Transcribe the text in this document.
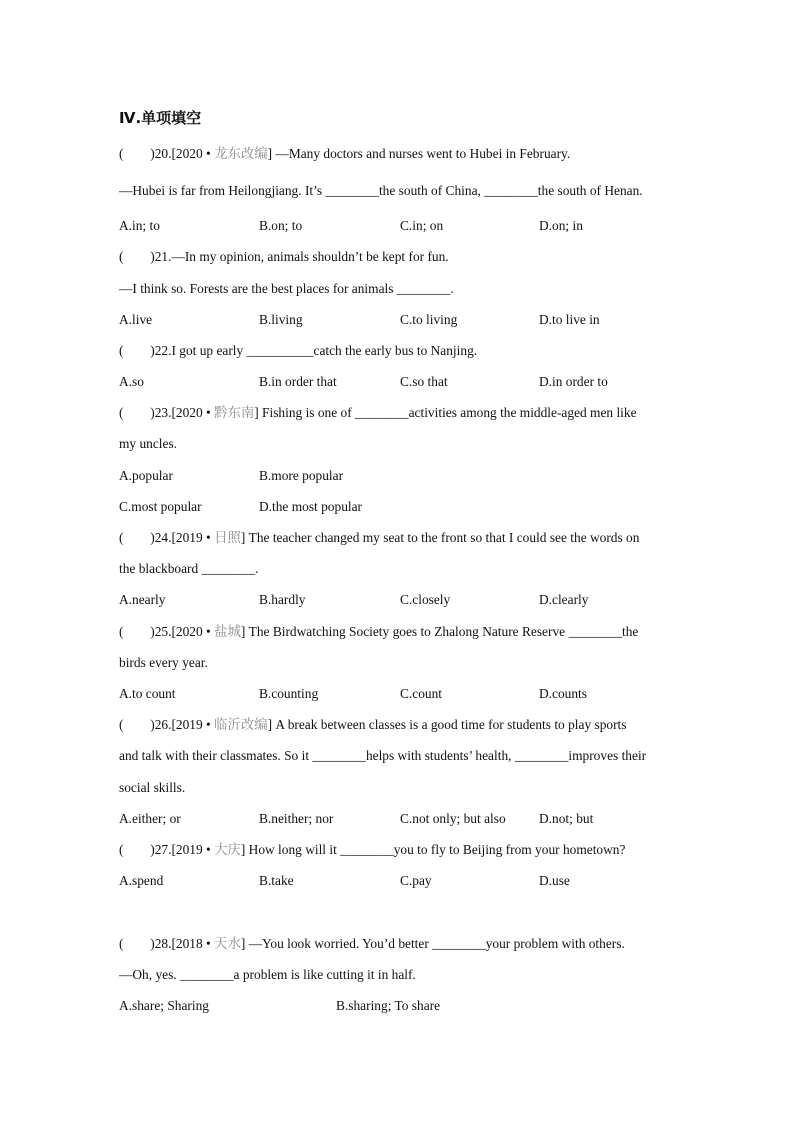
Ⅳ.单项填空
(　　)20.[2020 • 龙东改编] —Many doctors and nurses went to Hubei in February.
—Hubei is far from Heilongjiang. It’s ________the south of China, ________the south of Henan.
A.in; to	B.on; to	C.in; on	D.on; in
(　　)21.—In my opinion, animals shouldn’t be kept for fun.
—I think so. Forests are the best places for animals ________.
A.live	B.living	C.to living	D.to live in
(　　)22.I got up early __________catch the early bus to Nanjing.
A.so	B.in order that	C.so that	D.in order to
(　　)23.[2020 • 黔东南] Fishing is one of ________activities among the middle-aged men like
my uncles.
A.popular	B.more popular
C.most popular	D.the most popular
(　　)24.[2019 • 日照] The teacher changed my seat to the front so that I could see the words on
the blackboard ________.
A.nearly	B.hardly	C.closely	D.clearly
(　　)25.[2020 • 盐城] The Birdwatching Society goes to Zhalong Nature Reserve ________the
birds every year.
A.to count	B.counting	C.count	D.counts
(　　)26.[2019 • 临沂改编] A break between classes is a good time for students to play sports
and talk with their classmates. So it ________helps with students’ health, ________improves their
social skills.
A.either; or	B.neither; nor	C.not only; but also D.not; but
(　　)27.[2019 • 大庆] How long will it ________you to fly to Beijing from your hometown?
A.spend	B.take	C.pay	D.use
(　　)28.[2018 • 天水] —You look worried. You’d better ________your problem with others.
—Oh, yes. ________a problem is like cutting it in half.
A.share; Sharing	B.sharing; To share
